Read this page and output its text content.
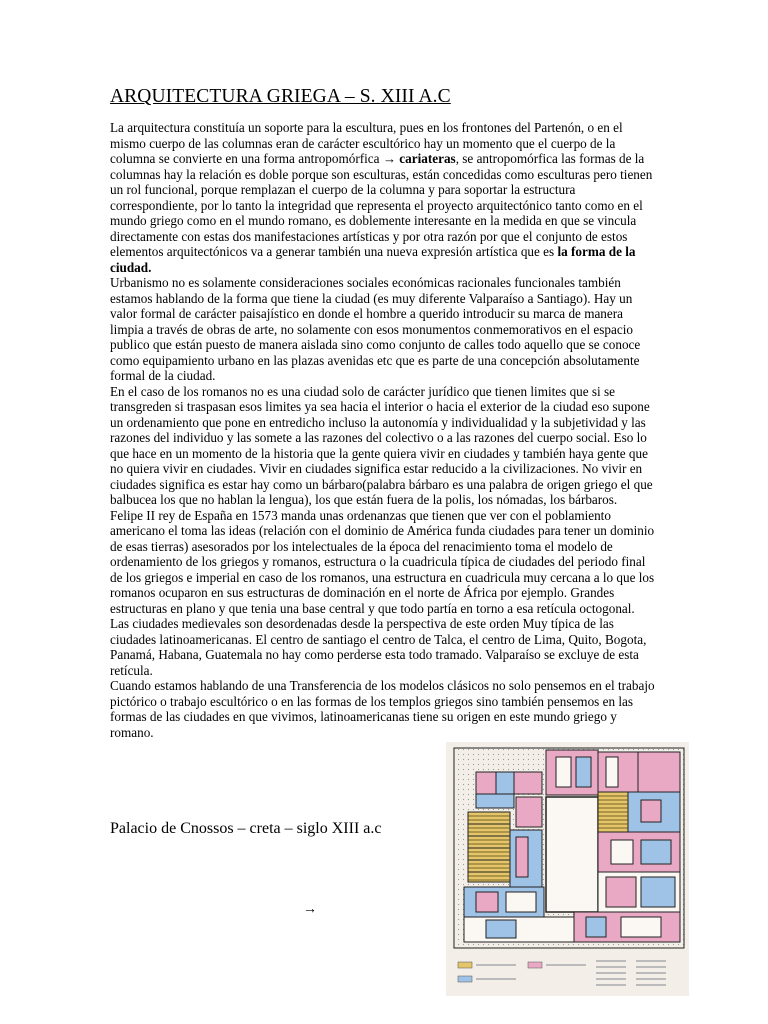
ARQUITECTURA GRIEGA – S. XIII A.C

La arquitectura constituía un soporte para la escultura, pues en los frontones del Partenón, o en el mismo cuerpo de las columnas eran de carácter escultórico hay un momento que el cuerpo de la columna se convierte en una forma antropomórfica → cariateras, se antropomórfica las formas de la columnas hay la relación es doble porque son esculturas, están concedidas como esculturas pero tienen un rol funcional, porque remplazan el cuerpo de la columna y para soportar la estructura correspondiente, por lo tanto la integridad que representa el proyecto arquitectónico tanto como en el mundo griego como en el mundo romano, es doblemente interesante en la medida en que se vincula directamente con estas dos manifestaciones artísticas y por otra razón por que el conjunto de estos elementos arquitectónicos va a generar también una nueva expresión artística que es la forma de la ciudad.

Urbanismo no es solamente consideraciones sociales económicas racionales funcionales también estamos hablando de la forma que tiene la ciudad (es muy diferente Valparaíso a Santiago). Hay un valor formal de carácter paisajístico en donde el hombre a querido introducir su marca de manera limpia a través de obras de arte, no solamente con esos monumentos conmemorativos en el espacio publico que están puesto de manera aislada sino como conjunto de calles todo aquello que se conoce como equipamiento urbano en las plazas avenidas etc que es parte de una concepción absolutamente formal de la ciudad.

En el caso de los romanos no es una ciudad solo de carácter jurídico que tienen limites que si se transgreden si traspasan esos limites ya sea hacia el interior o hacia el exterior de la ciudad eso supone un ordenamiento que pone en entredicho incluso la autonomía y individualidad y la subjetividad y las razones del individuo y las somete a las razones del colectivo o a las razones del cuerpo social. Eso lo que hace en un momento de la historia que la gente quiera vivir en ciudades y también haya gente que no quiera vivir en ciudades. Vivir en ciudades significa estar reducido a la civilizaciones. No vivir en ciudades significa es estar hay como un bárbaro(palabra bárbaro es una palabra de origen griego el que balbucea los que no hablan la lengua), los que están fuera de la polis, los nómadas, los bárbaros.

Felipe II rey de España en 1573 manda unas ordenanzas que tienen que ver con el poblamiento americano el toma las ideas (relación con el dominio de América funda ciudades para tener un dominio de esas tierras) asesorados por los intelectuales de la época del renacimiento toma el modelo de ordenamiento de los griegos y romanos, estructura o la cuadricula típica de ciudades del periodo final de los griegos e imperial en caso de los romanos, una estructura en cuadricula muy cercana a lo que los romanos ocuparon en sus estructuras de dominación en el norte de África por ejemplo. Grandes estructuras en plano y que tenia una base central y que todo partía en torno a esa retícula octogonal. Las ciudades medievales son desordenadas desde la perspectiva de este orden Muy típica de las ciudades latinoamericanas. El centro de santiago el centro de Talca, el centro de Lima, Quito, Bogota, Panamá, Habana, Guatemala no hay como perderse esta todo tramado. Valparaíso se excluye de esta retícula.

Cuando estamos hablando de una Transferencia de los modelos clásicos no solo pensemos en el trabajo pictórico o trabajo escultórico o en las formas de los templos griegos sino también pensemos en las formas de las ciudades en que vivimos, latinoamericanas tiene su origen en este mundo griego y romano.

Palacio de Cnossos – creta – siglo XIII a.c
→
